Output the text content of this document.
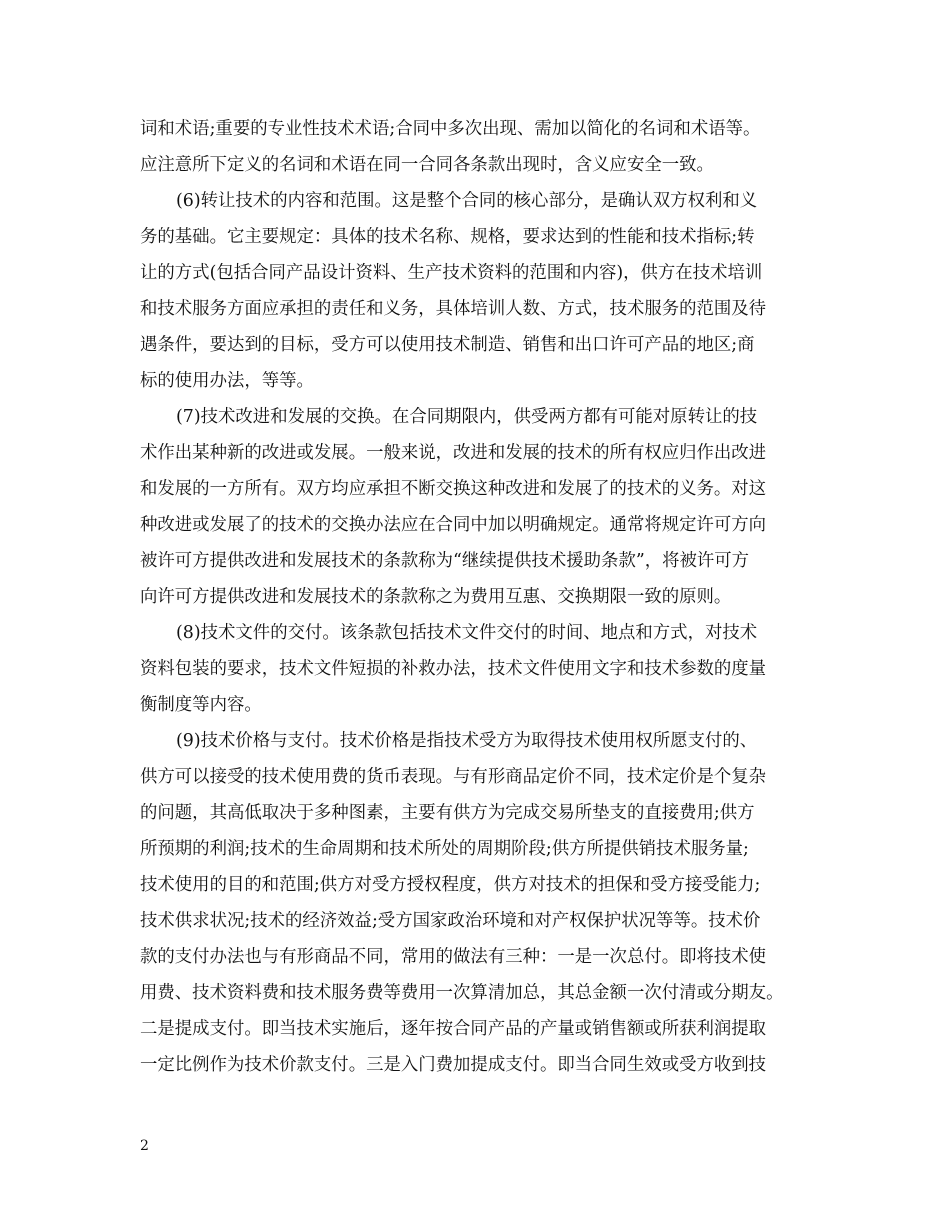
词和术语;重要的专业性技术术语;合同中多次出现、需加以简化的名词和术语等。
应注意所下定义的名词和术语在同一合同各条款出现时，含义应安全一致。
(6)转让技术的内容和范围。这是整个合同的核心部分，是确认双方权利和义
务的基础。它主要规定：具体的技术名称、规格，要求达到的性能和技术指标;转
让的方式(包括合同产品设计资料、生产技术资料的范围和内容)，供方在技术培训
和技术服务方面应承担的责任和义务，具体培训人数、方式，技术服务的范围及待
遇条件，要达到的目标，受方可以使用技术制造、销售和出口许可产品的地区;商
标的使用办法，等等。
(7)技术改进和发展的交换。在合同期限内，供受两方都有可能对原转让的技
术作出某种新的改进或发展。一般来说，改进和发展的技术的所有权应归作出改进
和发展的一方所有。双方均应承担不断交换这种改进和发展了的技术的义务。对这
种改进或发展了的技术的交换办法应在合同中加以明确规定。通常将规定许可方向
被许可方提供改进和发展技术的条款称为“继续提供技术援助条款”，将被许可方
向许可方提供改进和发展技术的条款称之为费用互惠、交换期限一致的原则。
(8)技术文件的交付。该条款包括技术文件交付的时间、地点和方式，对技术
资料包装的要求，技术文件短损的补救办法，技术文件使用文字和技术参数的度量
衡制度等内容。
(9)技术价格与支付。技术价格是指技术受方为取得技术使用权所愿支付的、
供方可以接受的技术使用费的货币表现。与有形商品定价不同，技术定价是个复杂
的问题，其高低取决于多种图素，主要有供方为完成交易所垫支的直接费用;供方
所预期的利润;技术的生命周期和技术所处的周期阶段;供方所提供销技术服务量;
技术使用的目的和范围;供方对受方授权程度，供方对技术的担保和受方接受能力;
技术供求状况;技术的经济效益;受方国家政治环境和对产权保护状况等等。技术价
款的支付办法也与有形商品不同，常用的做法有三种：一是一次总付。即将技术使
用费、技术资料费和技术服务费等费用一次算清加总，其总金额一次付清或分期友。
二是提成支付。即当技术实施后，逐年按合同产品的产量或销售额或所获利润提取
一定比例作为技术价款支付。三是入门费加提成支付。即当合同生效或受方收到技
2
